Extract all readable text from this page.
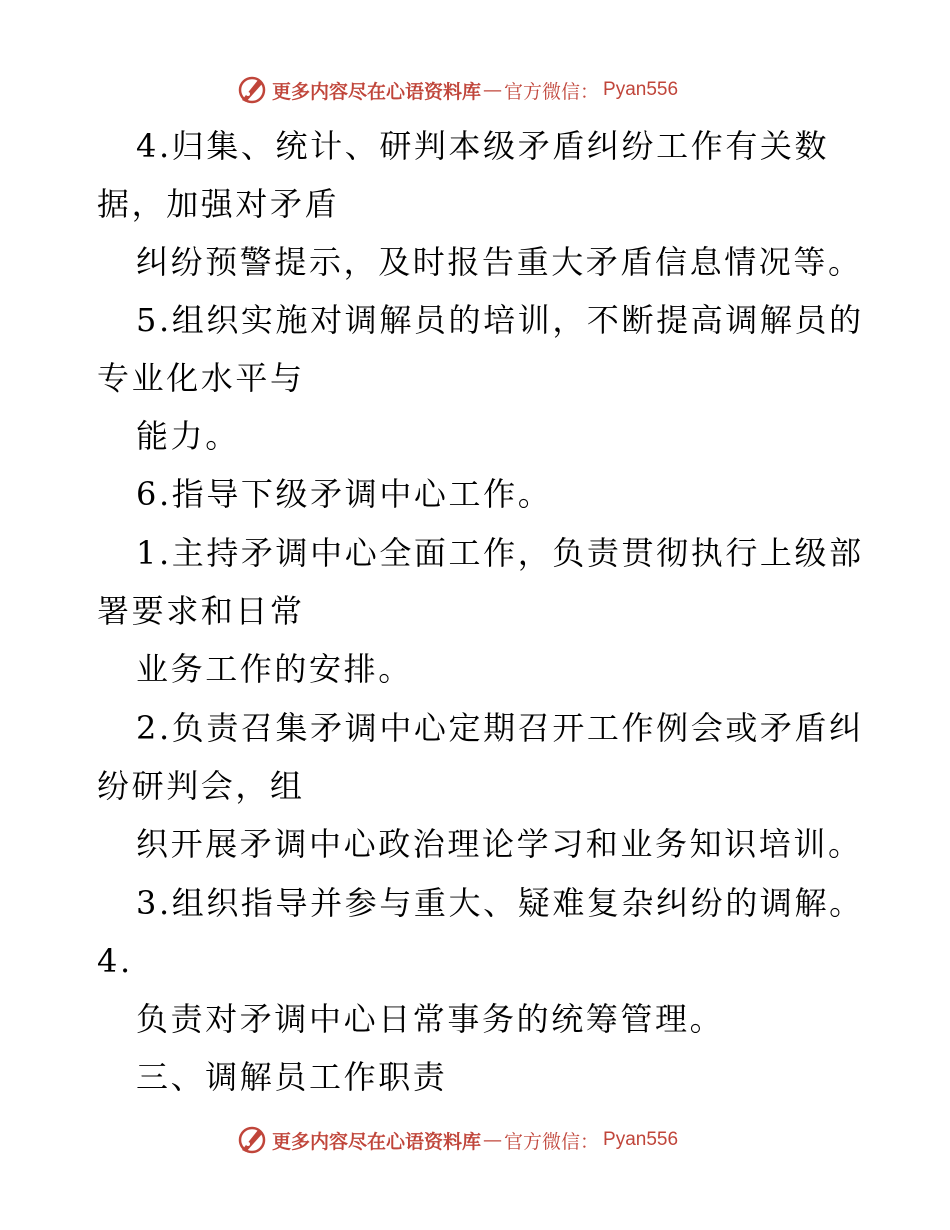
更多内容尽在心语资料库 — 官方微信： Pyan556
4.归集、统计、研判本级矛盾纠纷工作有关数
据，加强对矛盾
纠纷预警提示，及时报告重大矛盾信息情况等。
5.组织实施对调解员的培训，不断提高调解员的
专业化水平与
能力。
6.指导下级矛调中心工作。
1.主持矛调中心全面工作，负责贯彻执行上级部
署要求和日常
业务工作的安排。
2.负责召集矛调中心定期召开工作例会或矛盾纠
纷研判会，组
织开展矛调中心政治理论学习和业务知识培训。
3.组织指导并参与重大、疑难复杂纠纷的调解。
4.
负责对矛调中心日常事务的统筹管理。
三、调解员工作职责
更多内容尽在心语资料库 — 官方微信： Pyan556
